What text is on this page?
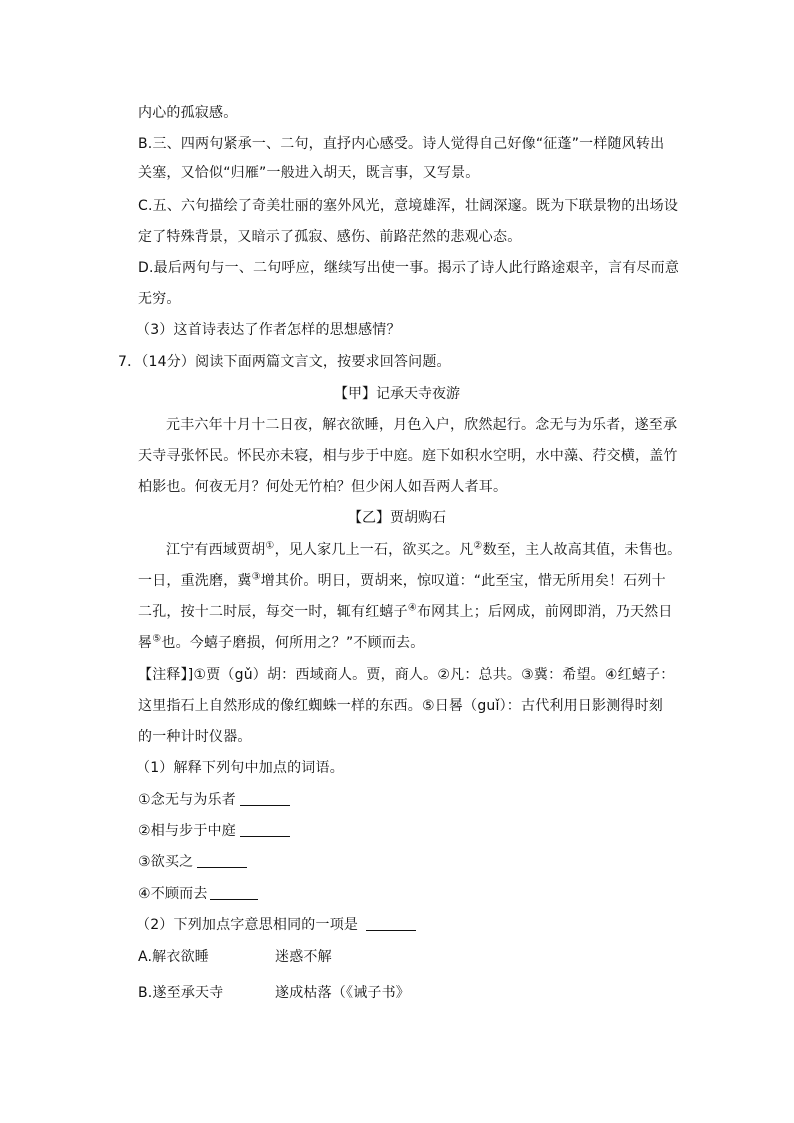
内心的孤寂感。
B.三、四两句紧承一、二句，直抒内心感受。诗人觉得自己好像“征蓬”一样随风转出
关塞，又恰似“归雁”一般进入胡天，既言事，又写景。
C.五、六句描绘了奇美壮丽的塞外风光，意境雄浑，壮阔深邃。既为下联景物的出场设
定了特殊背景，又暗示了孤寂、感伤、前路茫然的悲观心态。
D.最后两句与一、二句呼应，继续写出使一事。揭示了诗人此行路途艰辛，言有尽而意
无穷。
（3）这首诗表达了作者怎样的思想感情？
7．（14分）阅读下面两篇文言文，按要求回答问题。
【甲】记承天寺夜游
元丰六年十月十二日夜，解衣欲睡，月色入户，欣然起行。念无与为乐者，遂至承
天寺寻张怀民。怀民亦未寝，相与步于中庭。庭下如积水空明，水中藻、荇交横，盖竹
柏影也。何夜无月？何处无竹柏？但少闲人如吾两人者耳。
【乙】贾胡购石
江宁有西域贾胡①，见人家几上一石，欲买之。凡②数至，主人故高其值，未售也。
一日，重洗磨，冀③增其价。明日，贾胡来，惊叹道：“此至宝，惜无所用矣！石列十
二孔，按十二时辰，每交一时，辄有红蟢子④布网其上；后网成，前网即消，乃天然日
晷⑤也。今蟢子磨损，何所用之？”不顾而去。
【注释】]①贾（gǔ）胡：西域商人。贾，商人。②凡：总共。③冀：希望。④红蟢子：
这里指石上自然形成的像红蜘蛛一样的东西。⑤日晷（guǐ）：古代利用日影测得时刻
的一种计时仪器。
（1）解释下列句中加点的词语。
①念无与为乐者
②相与步于中庭
③欲买之
④不顾而去
（2）下列加点字意思相同的一项是
A.解衣欲睡	迷惑不解
B.遂至承天寺	遂成枯落（《诫子书》
